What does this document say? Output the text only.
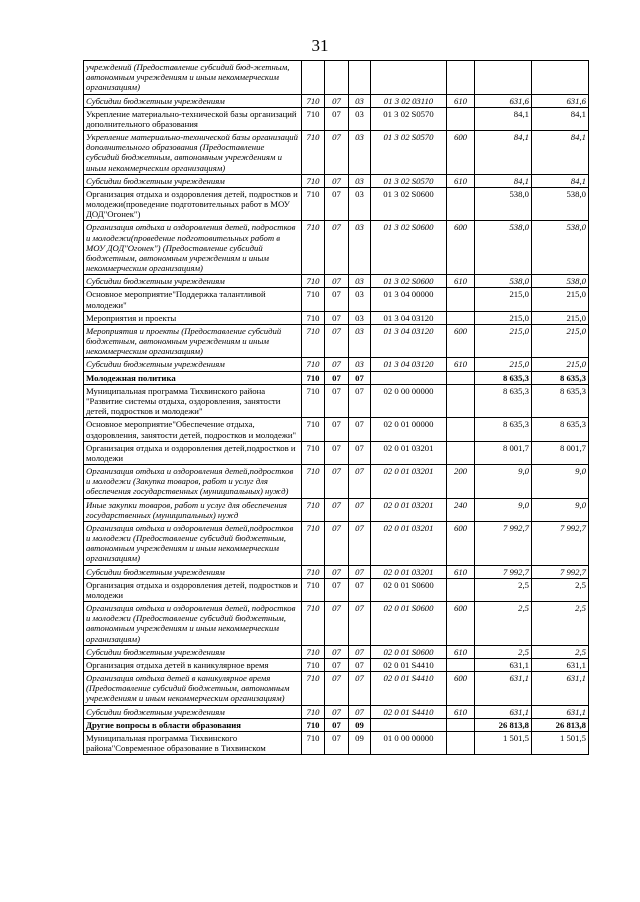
31
учреждений (Предоставление субсидий бюд-жетным, автономным учреждениям и иным некоммерческим организациям)							
Субсидии бюджетным учреждениям	710	07	03	01 3 02 03110	610	631,6	631,6
Укрепление материально-технической базы организаций дополнительного образования	710	07	03	01 3 02 S0570		84,1	84,1
Укрепление материально-технической базы организаций дополнительного образования (Предоставление субсидий бюджетным, автономным учреждениям и иным некоммерческим организациям)	710	07	03	01 3 02 S0570	600	84,1	84,1
Субсидии бюджетным учреждениям	710	07	03	01 3 02 S0570	610	84,1	84,1
Организация отдыха и оздоровления детей, подростков и молодежи(проведение подготовительных работ в МОУ ДОД"Огонек")	710	07	03	01 3 02 S0600		538,0	538,0
Организация отдыха и оздоровления детей, подростков и молодежи(проведение подготовительных работ в МОУ ДОД"Огонек") (Предоставление субсидий бюджетным, автономным учреждениям и иным некоммерческим организациям)	710	07	03	01 3 02 S0600	600	538,0	538,0
Субсидии бюджетным учреждениям	710	07	03	01 3 02 S0600	610	538,0	538,0
Основное мероприятие"Поддержка талантливой молодежи"	710	07	03	01 3 04 00000		215,0	215,0
Мероприятия и проекты	710	07	03	01 3 04 03120		215,0	215,0
Мероприятия и проекты (Предоставление субсидий бюджетным, автономным учреждениям и иным некоммерческим организациям)	710	07	03	01 3 04 03120	600	215,0	215,0
Субсидии бюджетным учреждениям	710	07	03	01 3 04 03120	610	215,0	215,0
Молодежная политика	710	07	07			8 635,3	8 635,3
Муниципальная программа Тихвинского района "Развитие системы отдыха, оздоровления, занятости детей, подростков и молодежи"	710	07	07	02 0 00 00000		8 635,3	8 635,3
Основное мероприятие"Обеспечение отдыха, оздоровления, занятости детей, подростков и молодежи"	710	07	07	02 0 01 00000		8 635,3	8 635,3
Организация отдыха и оздоровления детей,подростков и молодежи	710	07	07	02 0 01 03201		8 001,7	8 001,7
Организация отдыха и оздоровления детей,подростков и молодежи (Закупка товаров, работ и услуг для обеспечения государственных (муниципальных) нужд)	710	07	07	02 0 01 03201	200	9,0	9,0
Иные закупки товаров, работ и услуг для обеспечения государственных (муниципальных) нужд	710	07	07	02 0 01 03201	240	9,0	9,0
Организация отдыха и оздоровления детей,подростков и молодежи (Предоставление субсидий бюджетным, автономным учреждениям и иным некоммерческим организациям)	710	07	07	02 0 01 03201	600	7 992,7	7 992,7
Субсидии бюджетным учреждениям	710	07	07	02 0 01 03201	610	7 992,7	7 992,7
Организация отдыха и оздоровления детей, подростков и молодежи	710	07	07	02 0 01 S0600		2,5	2,5
Организация отдыха и оздоровления детей, подростков и молодежи (Предоставление субсидий бюджетным, автономным учреждениям и иным некоммерческим организациям)	710	07	07	02 0 01 S0600	600	2,5	2,5
Субсидии бюджетным учреждениям	710	07	07	02 0 01 S0600	610	2,5	2,5
Организация отдыха детей в каникулярное время	710	07	07	02 0 01 S4410		631,1	631,1
Организация отдыха детей в каникулярное время (Предоставление субсидий бюджетным, автономным учреждениям и иным некоммерческим организациям)	710	07	07	02 0 01 S4410	600	631,1	631,1
Субсидии бюджетным учреждениям	710	07	07	02 0 01 S4410	610	631,1	631,1
Другие вопросы в области образования	710	07	09			26 813,8	26 813,8
Муниципальная программа Тихвинского района"Современное образование в Тихвинском	710	07	09	01 0 00 00000		1 501,5	1 501,5
